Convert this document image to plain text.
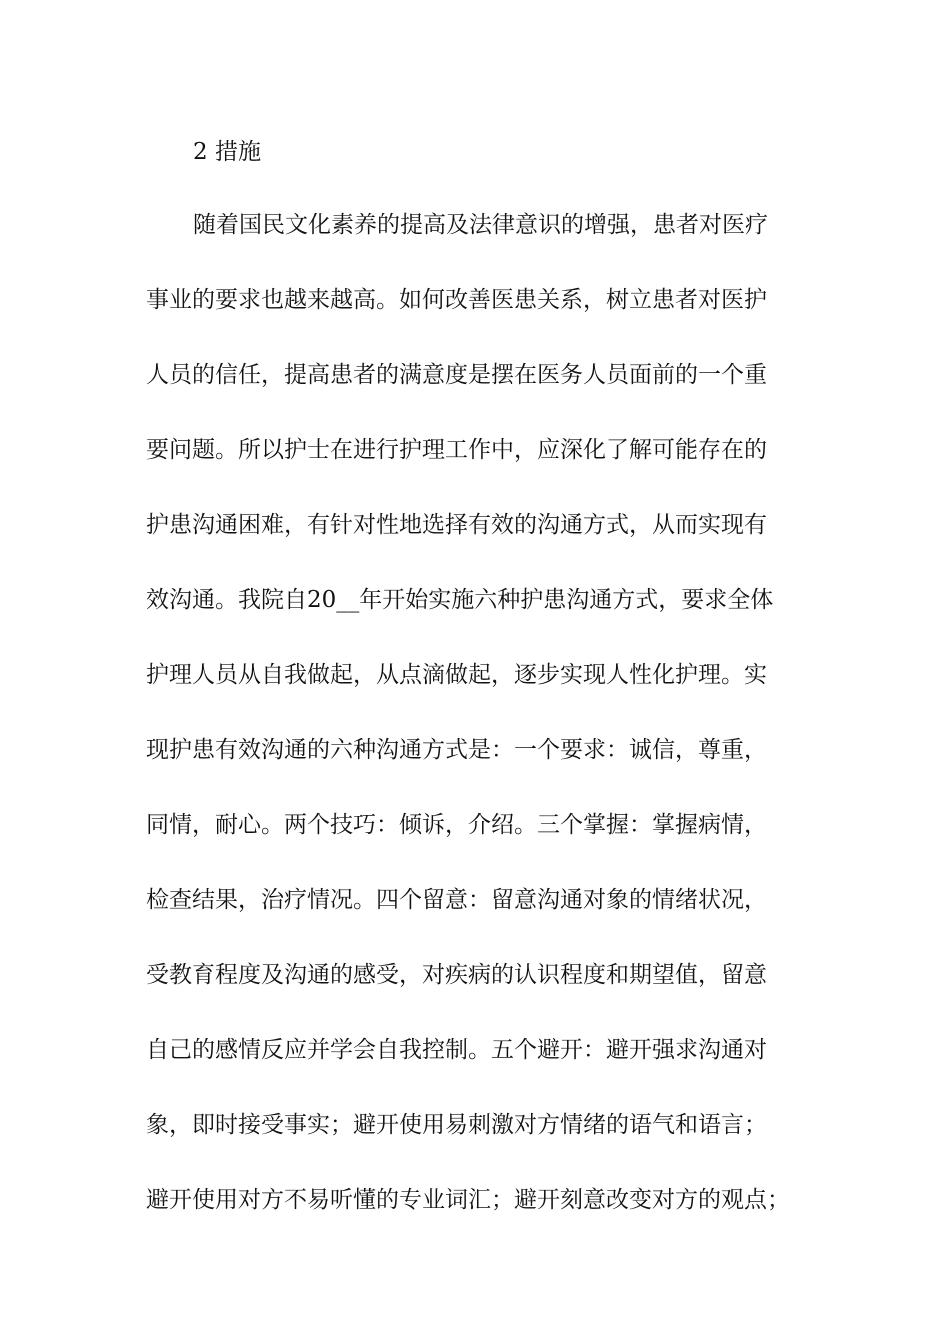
2 措施
随着国民文化素养的提高及法律意识的增强，患者对医疗
事业的要求也越来越高。如何改善医患关系，树立患者对医护
人员的信任，提高患者的满意度是摆在医务人员面前的一个重
要问题。所以护士在进行护理工作中，应深化了解可能存在的
护患沟通困难，有针对性地选择有效的沟通方式，从而实现有
效沟通。我院自20__年开始实施六种护患沟通方式，要求全体
护理人员从自我做起，从点滴做起，逐步实现人性化护理。实
现护患有效沟通的六种沟通方式是：一个要求：诚信，尊重，
同情，耐心。两个技巧：倾诉，介绍。三个掌握：掌握病情，
检查结果，治疗情况。四个留意：留意沟通对象的情绪状况，
受教育程度及沟通的感受，对疾病的认识程度和期望值，留意
自己的感情反应并学会自我控制。五个避开：避开强求沟通对
象，即时接受事实；避开使用易刺激对方情绪的语气和语言；
避开使用对方不易听懂的专业词汇；避开刻意改变对方的观点；
